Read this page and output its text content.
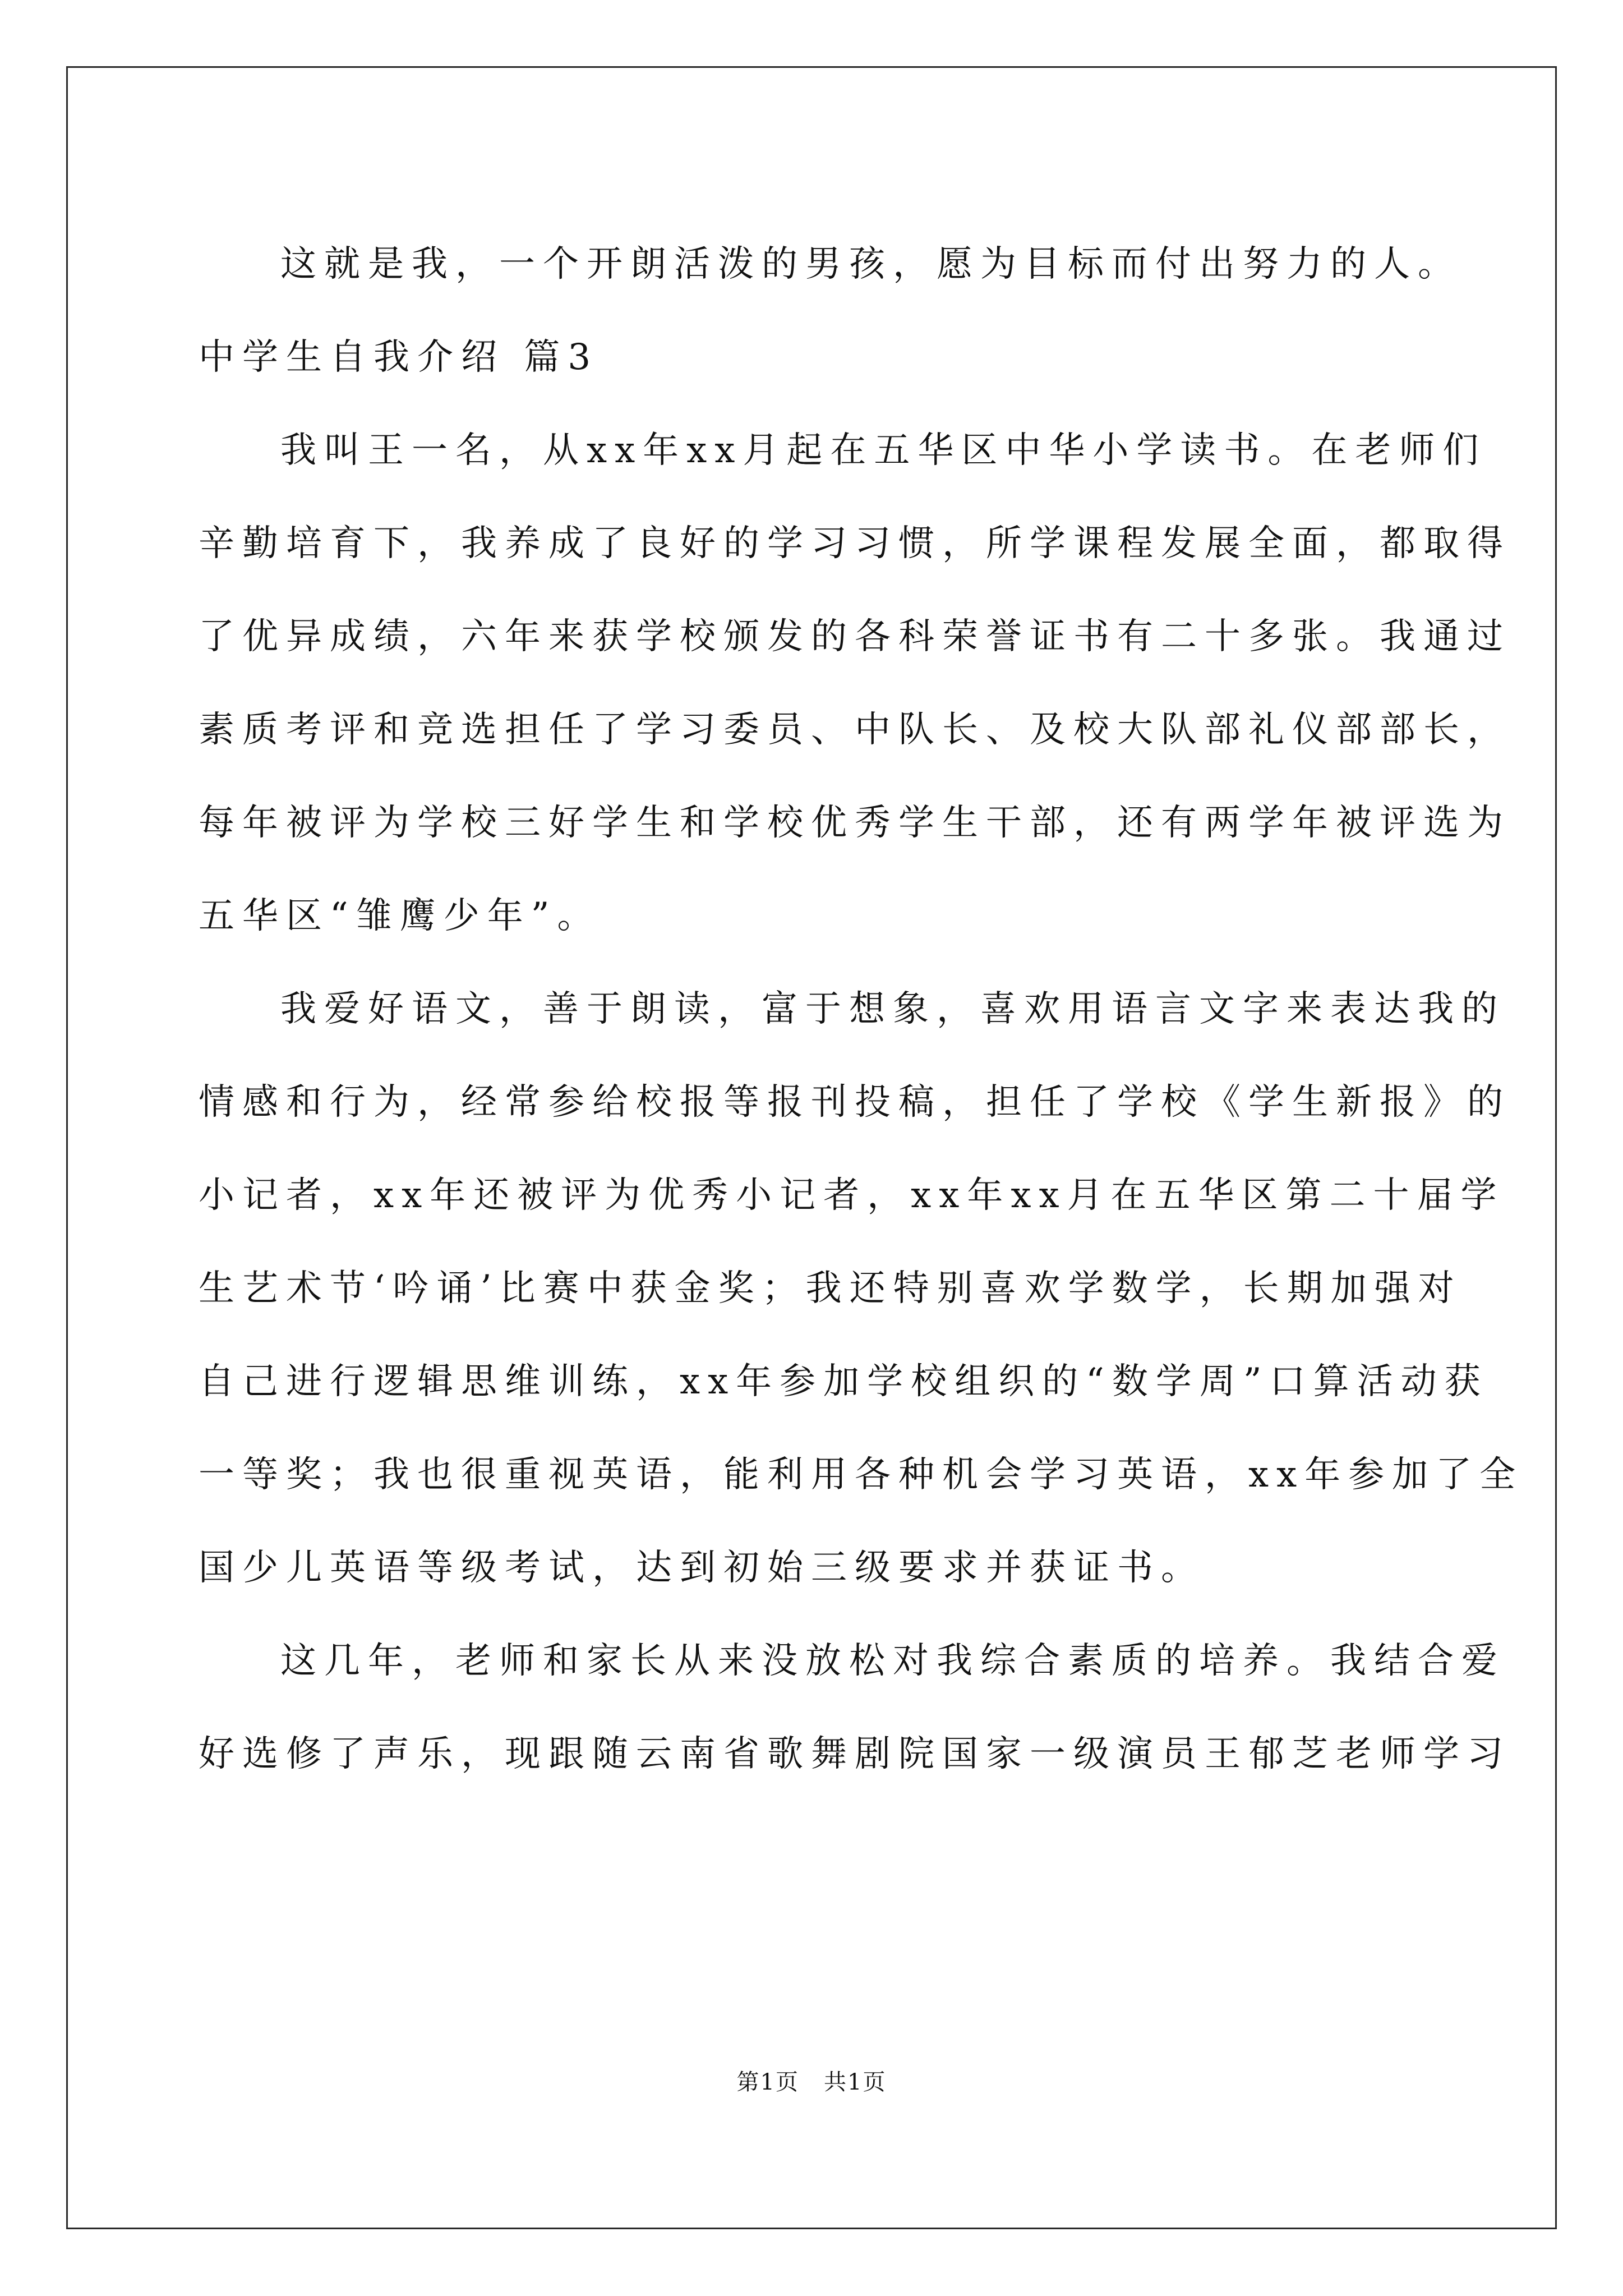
这就是我，一个开朗活泼的男孩，愿为目标而付出努力的人。
中学生自我介绍 篇3
我叫王一名，从xx年xx月起在五华区中华小学读书。在老师们
辛勤培育下，我养成了良好的学习习惯，所学课程发展全面，都取得
了优异成绩，六年来获学校颁发的各科荣誉证书有二十多张。我通过
素质考评和竞选担任了学习委员、中队长、及校大队部礼仪部部长，
每年被评为学校三好学生和学校优秀学生干部，还有两学年被评选为
五华区“雏鹰少年”。
我爱好语文，善于朗读，富于想象，喜欢用语言文字来表达我的
情感和行为，经常参给校报等报刊投稿，担任了学校《学生新报》的
小记者，xx年还被评为优秀小记者，xx年xx月在五华区第二十届学
生艺术节‘吟诵’比赛中获金奖；我还特别喜欢学数学，长期加强对
自己进行逻辑思维训练，xx年参加学校组织的“数学周”口算活动获
一等奖；我也很重视英语，能利用各种机会学习英语，xx年参加了全
国少儿英语等级考试，达到初始三级要求并获证书。
这几年，老师和家长从来没放松对我综合素质的培养。我结合爱
好选修了声乐，现跟随云南省歌舞剧院国家一级演员王郁芝老师学习
第1页 共1页
